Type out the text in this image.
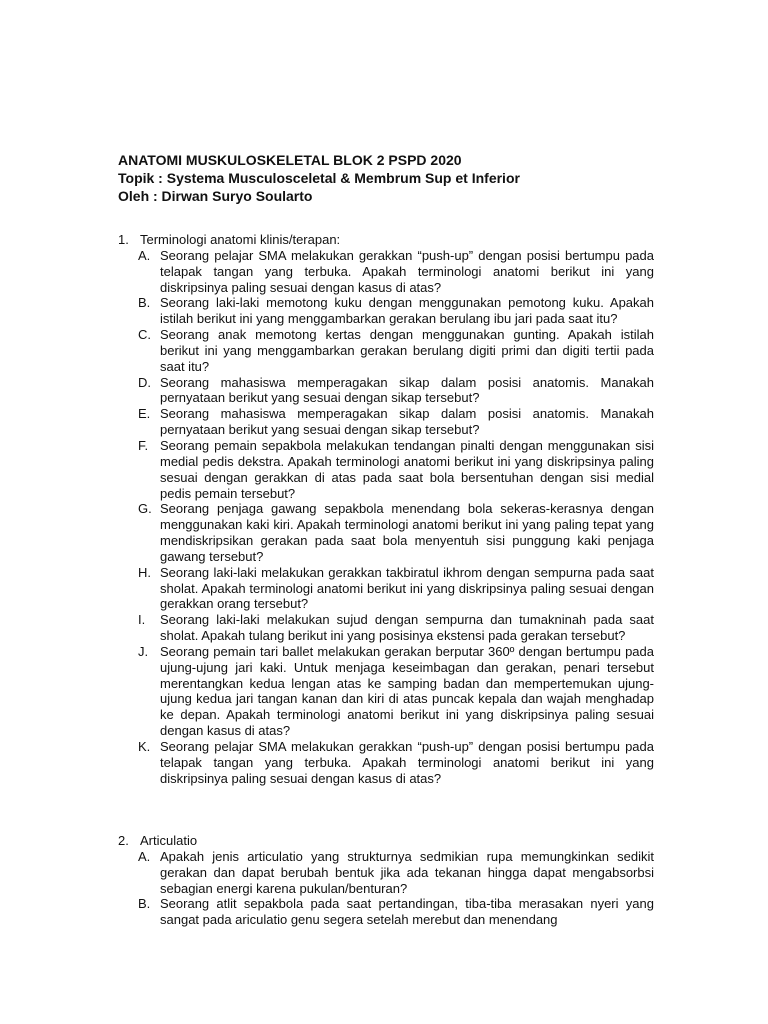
ANATOMI MUSKULOSKELETAL BLOK 2 PSPD 2020
Topik : Systema Musculosceletal & Membrum Sup et Inferior
Oleh : Dirwan Suryo Soularto
1. Terminologi anatomi klinis/terapan:
A. Seorang pelajar SMA melakukan gerakkan “push-up” dengan posisi bertumpu pada telapak tangan yang terbuka. Apakah terminologi anatomi berikut ini yang diskripsinya paling sesuai dengan kasus di atas?
B. Seorang laki-laki memotong kuku dengan menggunakan pemotong kuku. Apakah istilah berikut ini yang menggambarkan gerakan berulang ibu jari pada saat itu?
C. Seorang anak memotong kertas dengan menggunakan gunting. Apakah istilah berikut ini yang menggambarkan gerakan berulang digiti primi dan digiti tertii pada saat itu?
D. Seorang mahasiswa memperagakan sikap dalam posisi anatomis. Manakah pernyataan berikut yang sesuai dengan sikap tersebut?
E. Seorang mahasiswa memperagakan sikap dalam posisi anatomis. Manakah pernyataan berikut yang sesuai dengan sikap tersebut?
F. Seorang pemain sepakbola melakukan tendangan pinalti dengan menggunakan sisi medial pedis dekstra. Apakah terminologi anatomi berikut ini yang diskripsinya paling sesuai dengan gerakkan di atas pada saat bola bersentuhan dengan sisi medial pedis pemain tersebut?
G. Seorang penjaga gawang sepakbola menendang bola sekeras-kerasnya dengan menggunakan kaki kiri. Apakah terminologi anatomi berikut ini yang paling tepat yang mendiskripsikan gerakan pada saat bola menyentuh sisi punggung kaki penjaga gawang tersebut?
H. Seorang laki-laki melakukan gerakkan takbiratul ikhrom dengan sempurna pada saat sholat. Apakah terminologi anatomi berikut ini yang diskripsinya paling sesuai dengan gerakkan orang tersebut?
I. Seorang laki-laki melakukan sujud dengan sempurna dan tumakninah pada saat sholat. Apakah tulang berikut ini yang posisinya ekstensi pada gerakan tersebut?
J. Seorang pemain tari ballet melakukan gerakan berputar 360º dengan bertumpu pada ujung-ujung jari kaki. Untuk menjaga keseimbagan dan gerakan, penari tersebut merentangkan kedua lengan atas ke samping badan dan mempertemukan ujung-ujung kedua jari tangan kanan dan kiri di atas puncak kepala dan wajah menghadap ke depan. Apakah terminologi anatomi berikut ini yang diskripsinya paling sesuai dengan kasus di atas?
K. Seorang pelajar SMA melakukan gerakkan “push-up” dengan posisi bertumpu pada telapak tangan yang terbuka. Apakah terminologi anatomi berikut ini yang diskripsinya paling sesuai dengan kasus di atas?
2. Articulatio
A. Apakah jenis articulatio yang strukturnya sedmikian rupa memungkinkan sedikit gerakan dan dapat berubah bentuk jika ada tekanan hingga dapat mengabsorbsi sebagian energi karena pukulan/benturan?
B. Seorang atlit sepakbola pada saat pertandingan, tiba-tiba merasakan nyeri yang sangat pada ariculatio genu segera setelah merebut dan menendang
